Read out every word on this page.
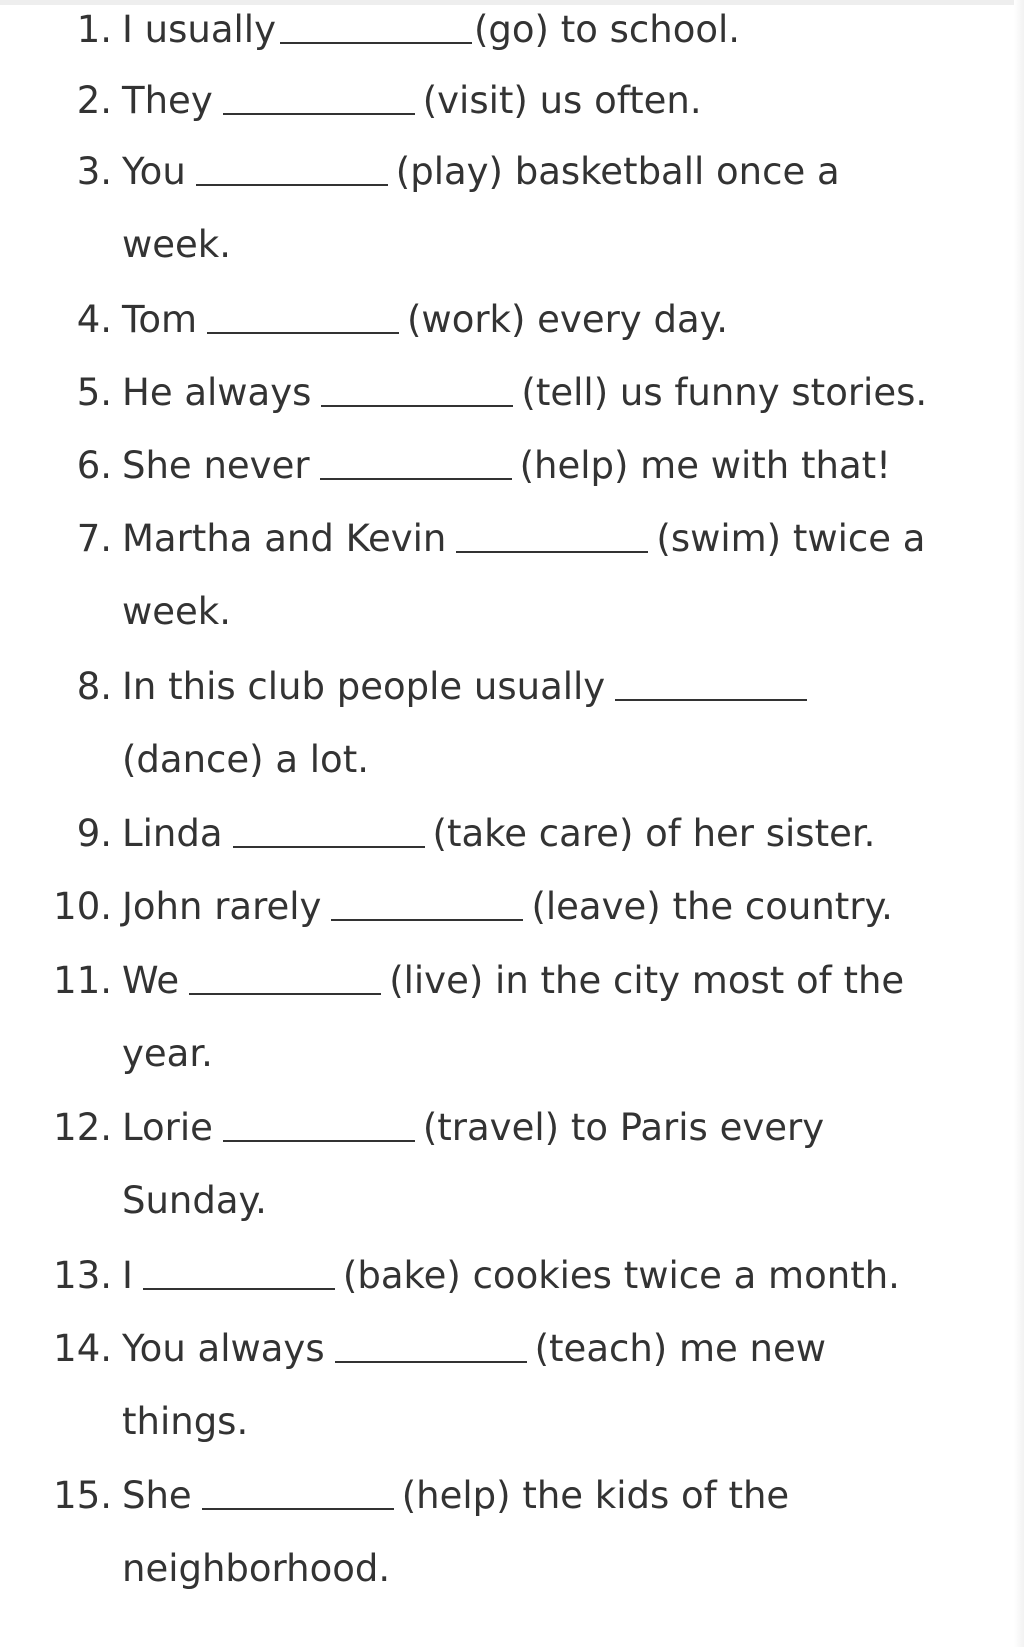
1. I usually	(go) to school.
2. They	(visit) us often.
3. You	(play) basketball once a
week.
4. Tom	(work) every day.
5. He always	(tell) us funny stories.
6. She never	(help) me with that!
7. Martha and Kevin	(swim) twice a
week.
8. In this club people usually
(dance) a lot.
9. Linda	(take care) of her sister.
10. John rarely	(leave) the country.
11. We	(live) in the city most of the
year.
12. Lorie	(travel) to Paris every
Sunday.
13. I	(bake) cookies twice a month.
14. You always	(teach) me new
things.
15. She	(help) the kids of the
neighborhood.
